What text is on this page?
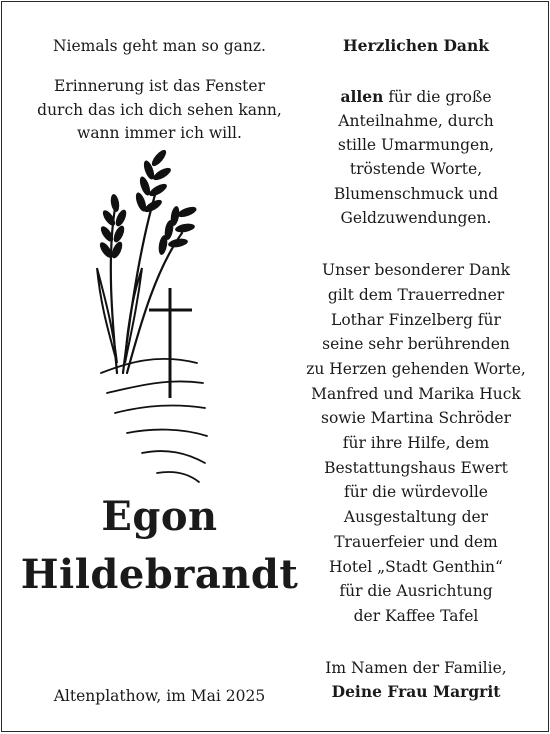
Niemals geht man so ganz.
Erinnerung ist das Fenster
durch das ich dich sehen kann,
wann immer ich will.
Egon
Hildebrandt
Altenplathow, im Mai 2025
Herzlichen Dank
allen für die große
Anteilnahme, durch
stille Umarmungen,
tröstende Worte,
Blumenschmuck und
Geldzuwendungen.
Unser besonderer Dank
gilt dem Trauerredner
Lothar Finzelberg für
seine sehr berührenden
zu Herzen gehenden Worte,
Manfred und Marika Huck
sowie Martina Schröder
für ihre Hilfe, dem
Bestattungshaus Ewert
für die würdevolle
Ausgestaltung der
Trauerfeier und dem
Hotel „Stadt Genthin“
für die Ausrichtung
der Kaffee Tafel
Im Namen der Familie,
Deine Frau Margrit
